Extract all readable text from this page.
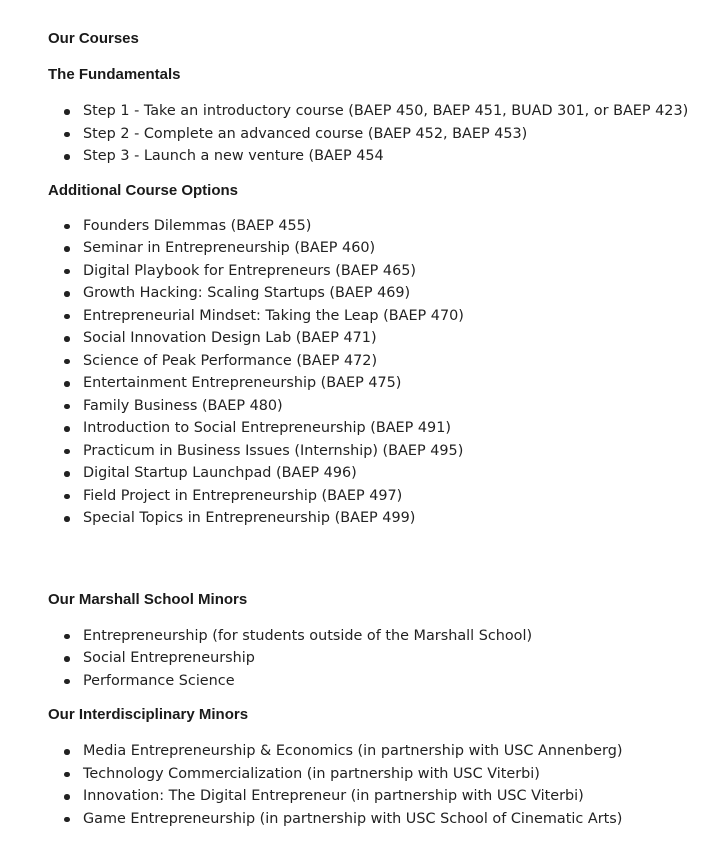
Our Courses
The Fundamentals
Step 1 - Take an introductory course (BAEP 450, BAEP 451, BUAD 301, or BAEP 423)
Step 2 - Complete an advanced course (BAEP 452, BAEP 453)
Step 3 - Launch a new venture (BAEP 454
Additional Course Options
Founders Dilemmas (BAEP 455)
Seminar in Entrepreneurship (BAEP 460)
Digital Playbook for Entrepreneurs (BAEP 465)
Growth Hacking: Scaling Startups (BAEP 469)
Entrepreneurial Mindset: Taking the Leap (BAEP 470)
Social Innovation Design Lab (BAEP 471)
Science of Peak Performance (BAEP 472)
Entertainment Entrepreneurship (BAEP 475)
Family Business (BAEP 480)
Introduction to Social Entrepreneurship (BAEP 491)
Practicum in Business Issues (Internship) (BAEP 495)
Digital Startup Launchpad (BAEP 496)
Field Project in Entrepreneurship (BAEP 497)
Special Topics in Entrepreneurship (BAEP 499)
Our Marshall School Minors
Entrepreneurship (for students outside of the Marshall School)
Social Entrepreneurship
Performance Science
Our Interdisciplinary Minors
Media Entrepreneurship & Economics (in partnership with USC Annenberg)
Technology Commercialization (in partnership with USC Viterbi)
Innovation: The Digital Entrepreneur (in partnership with USC Viterbi)
Game Entrepreneurship (in partnership with USC School of Cinematic Arts)
